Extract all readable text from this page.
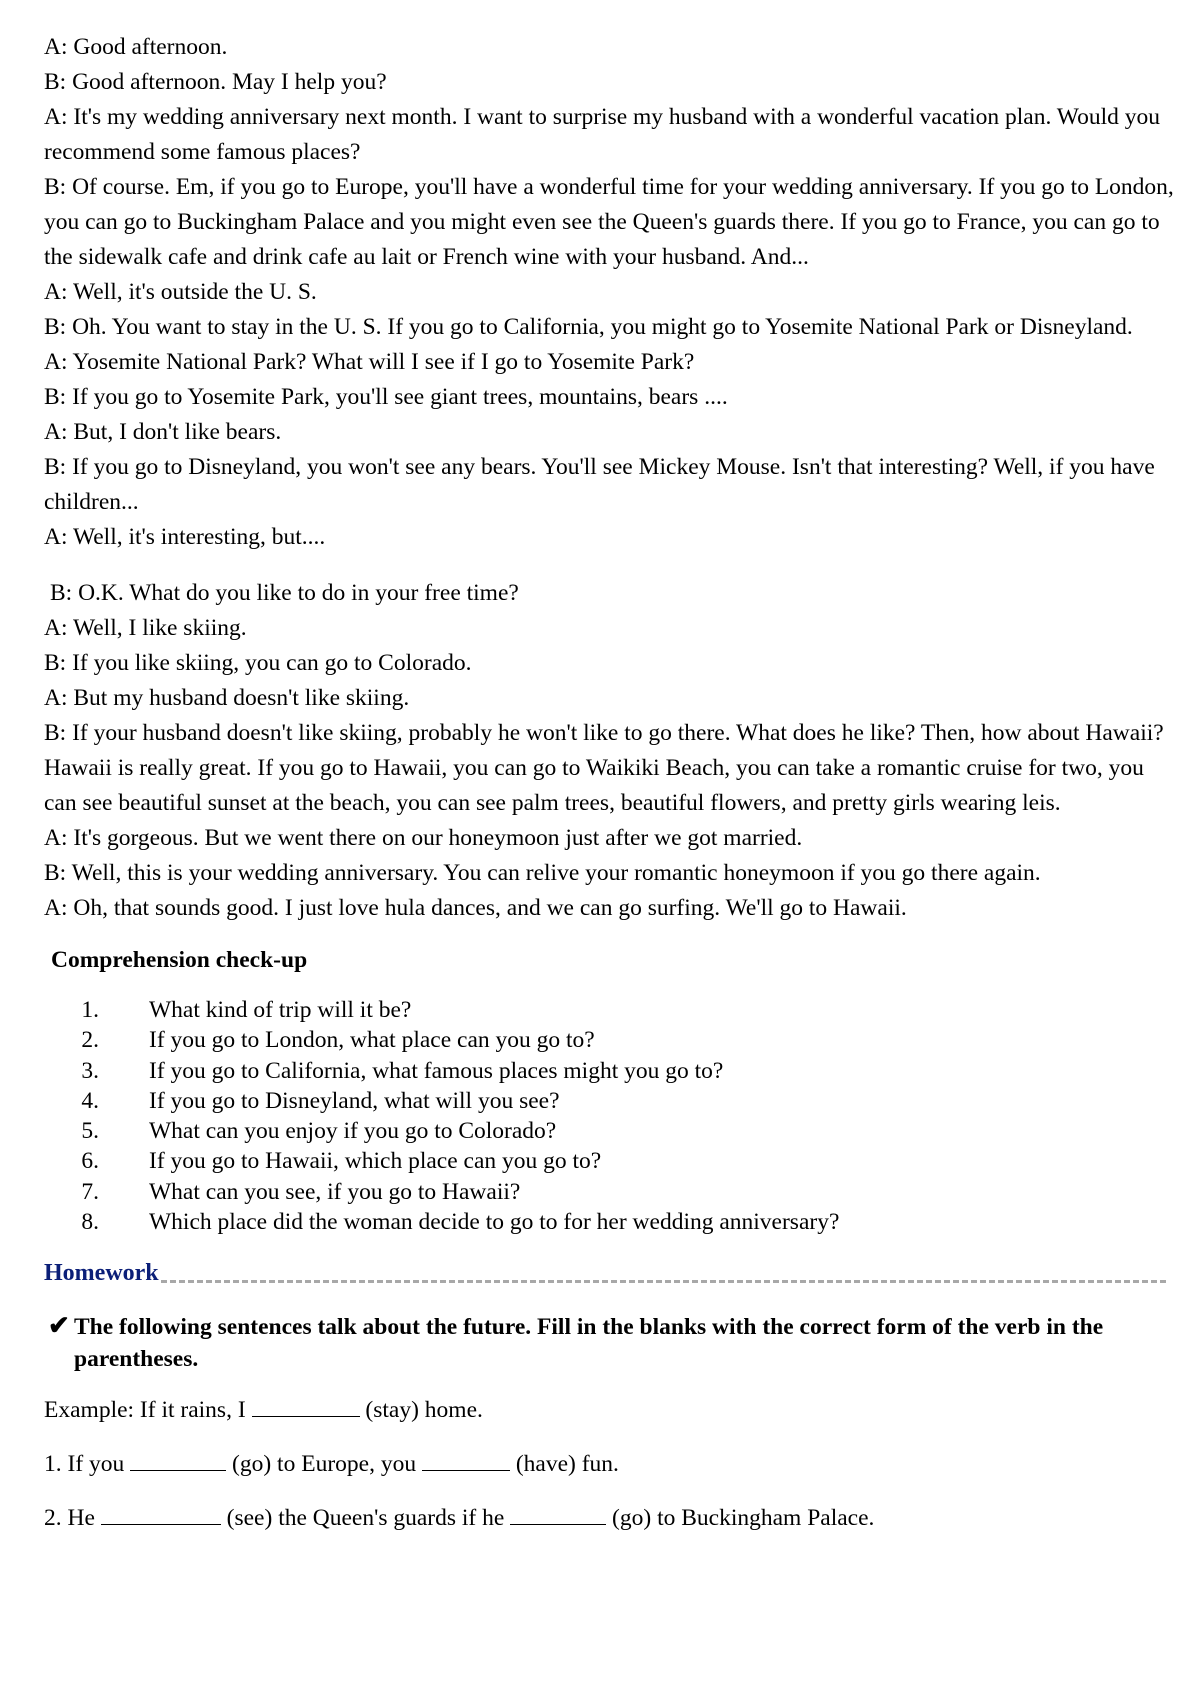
A: Good afternoon.

B: Good afternoon. May I help you?

A: It's my wedding anniversary next month. I want to surprise my husband with a wonderful vacation plan. Would you recommend some famous places?

B: Of course. Em, if you go to Europe, you'll have a wonderful time for your wedding anniversary. If you go to London, you can go to Buckingham Palace and you might even see the Queen's guards there. If you go to France, you can go to the sidewalk cafe and drink cafe au lait or French wine with your husband. And...

A: Well, it's outside the U. S.

B: Oh. You want to stay in the U. S. If you go to California, you might go to Yosemite National Park or Disneyland.

A: Yosemite National Park? What will I see if I go to Yosemite Park?

B: If you go to Yosemite Park, you'll see giant trees, mountains, bears ....

A: But, I don't like bears.

B: If you go to Disneyland, you won't see any bears. You'll see Mickey Mouse. Isn't that interesting? Well, if you have children...

A: Well, it's interesting, but....

B: O.K. What do you like to do in your free time?

A: Well, I like skiing.

B: If you like skiing, you can go to Colorado.

A: But my husband doesn't like skiing.

B: If your husband doesn't like skiing, probably he won't like to go there. What does he like? Then, how about Hawaii? Hawaii is really great. If you go to Hawaii, you can go to Waikiki Beach, you can take a romantic cruise for two, you can see beautiful sunset at the beach, you can see palm trees, beautiful flowers, and pretty girls wearing leis.

A: It's gorgeous. But we went there on our honeymoon just after we got married.

B: Well, this is your wedding anniversary. You can relive your romantic honeymoon if you go there again.

A: Oh, that sounds good. I just love hula dances, and we can go surfing. We'll go to Hawaii.

Comprehension check-up
1.	What kind of trip will it be?
2.	If you go to London, what place can you go to?
3.	If you go to California, what famous places might you go to?
4.	If you go to Disneyland, what will you see?
5.	What can you enjoy if you go to Colorado?
6.	If you go to Hawaii, which place can you go to?
7.	What can you see, if you go to Hawaii?
8.	Which place did the woman decide to go to for her wedding anniversary?
Homework
✔ The following sentences talk about the future. Fill in the blanks with the correct form of the verb in the parentheses.
Example: If it rains, I	(stay) home.
1. If you	(go) to Europe, you	(have) fun.
2. He	(see) the Queen's guards if he	(go) to Buckingham Palace.
